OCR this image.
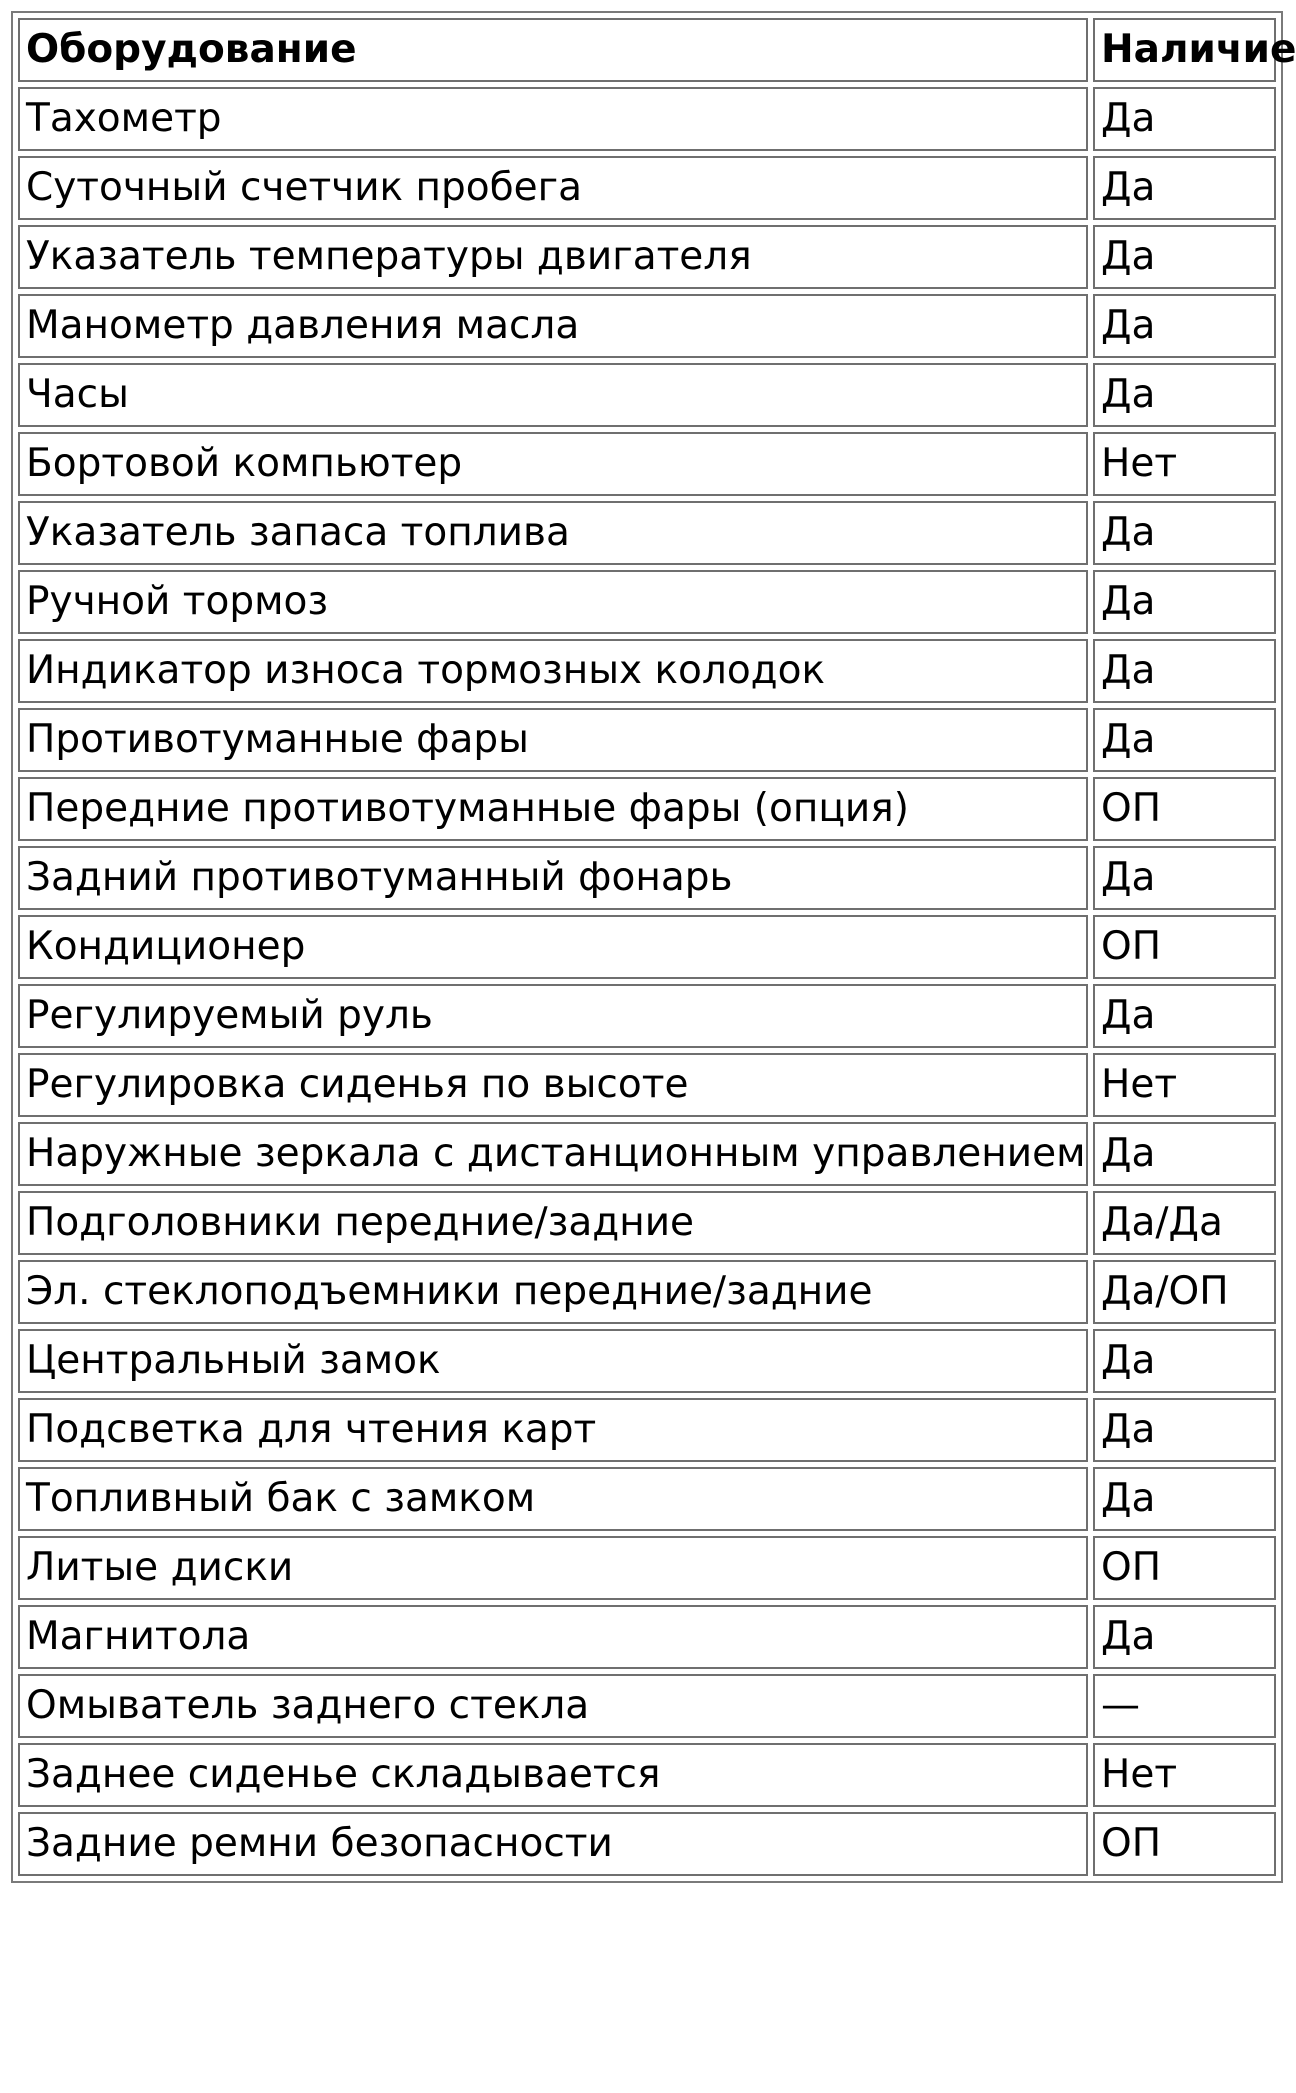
Оборудование	Наличие
Тахометр	Да
Суточный счетчик пробега	Да
Указатель температуры двигателя	Да
Манометр давления масла	Да
Часы	Да
Бортовой компьютер	Нет
Указатель запаса топлива	Да
Ручной тормоз	Да
Индикатор износа тормозных колодок	Да
Противотуманные фары	Да
Передние противотуманные фары (опция)	ОП
Задний противотуманный фонарь	Да
Кондиционер	ОП
Регулируемый руль	Да
Регулировка сиденья по высоте	Нет
Наружные зеркала с дистанционным управлением	Да
Подголовники передние/задние	Да/Да
Эл. стеклоподъемники передние/задние	Да/ОП
Центральный замок	Да
Подсветка для чтения карт	Да
Топливный бак с замком	Да
Литые диски	ОП
Магнитола	Да
Омыватель заднего стекла	—
Заднее сиденье складывается	Нет
Задние ремни безопасности	ОП
